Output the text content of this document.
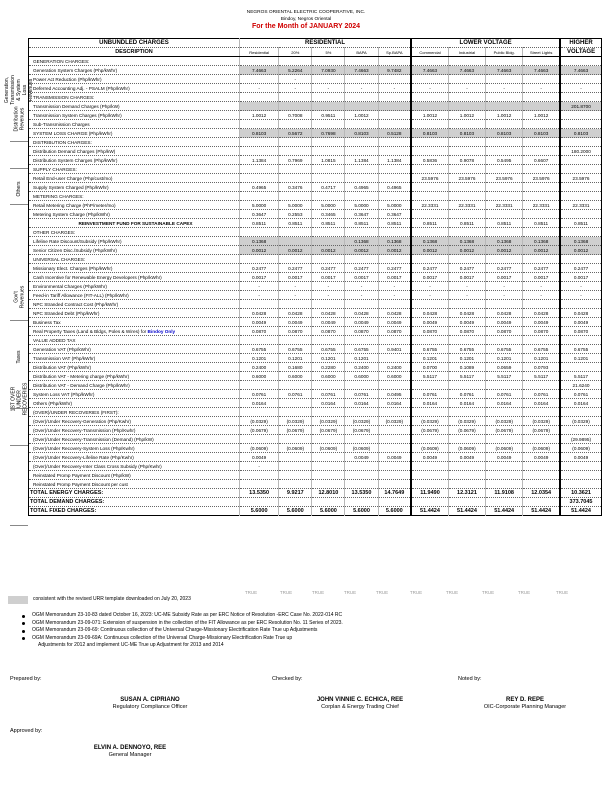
NEGROS ORIENTAL ELECTRIC COOPERATIVE, INC.
Bindoy, Negros Oriental
For the Month of JANUARY 2024
Generation, Transmission & System Loss Revenues
Distribution Revenues
Others
Gov't Revenues
Taxes
1ST OVER UNDER RECOVERIES
UNBUNDLED CHARGES	RESIDENTIAL					LOWER VOLTAGE				HIGHER
DESCRIPTION	Residential	20%	5%	BAPA	Sp.BAPA	Commercial	Industrial	Public Bldg.	Street Lights	VOLTAGE
GENERATION CHARGES:										
Generation System Charges (Php/kWhr)	7.4663	5.2264	7.0930	7.4663	9.7482	7.4663	7.4663	7.4663	7.4663	7.4663
Power Act Reduction (Php/kWhr)		-								
Deferred Accounting Adj. - PSALM (Php/kWhr)	-	-	-	-	-	-	-	-	-	-
TRANSMISSION CHARGES:										
Transmission Demand Charges (Php/kW)										201.8700
Transmission System Charges (Php/kWhr)	1.0012	0.7008	0.9511	1.0012		1.0012	1.0012	1.0012	1.0012	
Sub-Transmission Charges										
SYSTEM LOSS CHARGE (Php/kWhr)	0.8103	0.5672	0.7698	0.8103	0.5128	0.8103	0.8103	0.8103	0.8103	0.8103
DISTRIBUTION CHARGES:										
Distribution Demand Charges (Php/kW)										180.2000
Distribution System Charges (Php/kWhr)	1.1384	0.7969	1.0815	1.1384	1.1384	0.5836	0.9078	0.5495	0.6607	
SUPPLY CHARGES:										
Retail End-user Charge (Php/cust/mo)						23.5976	23.5976	23.5976	23.5976	23.5976
Supply System Charged (Php/kWhr)	0.4965	0.3476	0.4717	0.4965	0.4965					
METERING CHARGES:										
Retail Metering Charge (PhP/meter/mo)	5.0000	5.0000	5.0000	5.0000	5.0000	22.3331	22.3331	22.3331	22.3331	22.3331
Metering System Charge (Php/kWhr)	0.3647	0.2553	0.3465	0.3647	0.3647					
REINVESTMENT FUND FOR SUSTAINABLE CAPEX	0.8511	0.8511	0.8511	0.8511	0.8511	0.8511	0.8511	0.8511	0.8511	0.8511
OTHER CHARGES:										
Lifeline Rate Discount/Subsidy (Php/kWhr)	0.1368			0.1368	0.1368	0.1368	0.1368	0.1368	0.1368	0.1368
Senior Citizen Disc./Subsidy (Php/kWhr)	0.0012	0.0012	0.0012	0.0012	0.0012	0.0012	0.0012	0.0012	0.0012	0.0012
UNIVERSAL CHARGES:										
Missionary Elect. Charges (Php/kWhr)	0.2477	0.2477	0.2477	0.2477	0.2477	0.2477	0.2477	0.2477	0.2477	0.2477
Cash Incentive for Renewable Energy Developers (Php/kWhr)	0.0017	0.0017	0.0017	0.0017	0.0017	0.0017	0.0017	0.0017	0.0017	0.0017
Environmental Charges (Php/kWhr)	-	-	-	-	-	-	-	-	-	-
Feed-in Tariff Allowance (FIT-ALL) (Php/kWhr)	-	-	-	-	-	-	-	-	-	-
NPC Stranded Contract Cost (Php/kWhr)										
NPC Stranded Debt (Php/kWhr)	0.0428	0.0428	0.0428	0.0428	0.0428	0.0428	0.0428	0.0428	0.0428	0.0428
Business Tax	0.0049	0.0049	0.0049	0.0049	0.0049	0.0049	0.0049	0.0049	0.0049	0.0049
Real Property Taxes (Land & Bldgs, Poles & Wires) for Bindoy Only	0.0870	0.0870	0.0870	0.0870	0.0870	0.0870	0.0870	0.0870	0.0870	0.0870
VALUE ADDED TAX										
Generation VAT (Php/kWhr)	0.6755	0.6755	0.6755	0.6755	0.9401	0.6755	0.6755	0.6755	0.6755	0.6755
Transmission VAT (Php/kWhr)	0.1201	0.1201	0.1201	0.1201		0.1201	0.1201	0.1201	0.1201	0.1201
Distribution VAT (Php/kWhr)	0.2400	0.1680	0.2280	0.2400	0.2400	0.0700	0.1089	0.0659	0.0793	
Distribution VAT - Metering charge (Php/kWhr)	0.6000	0.6000	0.6000	0.6000	0.6000	5.5117	5.5117	5.5117	5.5117	5.5117
Distribution VAT - Demand Charge (Php/kWhr)										21.6240
System Loss VAT (Php/kWhr)	0.0761	0.0761	0.0761	0.0761	0.0495	0.0761	0.0761	0.0761	0.0761	0.0761
Others (Php/kWhr)	0.0164		0.0164	0.0164	0.0164	0.0164	0.0164	0.0164	0.0164	0.0164
(OVER)/UNDER RECOVERIES (FIRST):										
(Over)/Under Recovery-Generation (Php/Kwhr)	(0.0329)	(0.0329)	(0.0329)	(0.0329)	(0.0329)	(0.0329)	(0.0329)	(0.0329)	(0.0329)	(0.0329)
(Over)/Under Recovery-Transmission (Php/Kwhr)	(0.0679)	(0.0679)	(0.0679)	(0.0679)		(0.0679)	(0.0679)	(0.0679)	(0.0679)	
(Over)/Under Recovery-Transmission (Demand) (Php/kW)										(29.9895)
(Over)/Under Recovery-System Loss (Php/Kwhr)	(0.0609)	(0.0609)	(0.0609)	(0.0609)		(0.0609)	(0.0609)	(0.0609)	(0.0609)	(0.0609)
(Over)/Under Recovery-Lifeline Rate (Php/Kwhr)	0.0049			0.0049	0.0049	0.0049	0.0049	0.0049	0.0049	0.0049
(Over)/Under Recovery-Inter Class Cross Subsidy (Php/Kwhr)	-									
Reinstated Promp Payment Discount (Php/kW)										
Reinstated Promp Payment Discount per cust										
TOTAL ENERGY CHARGES:	13.5350	9.9217	12.8010	13.5350	14.7649	11.9490	12.3121	11.9108	12.0354	10.3621
TOTAL DEMAND CHARGES:										373.7045
TOTAL FIXED CHARGES:	5.6000	5.6000	5.6000	5.6000	5.6000	51.4424	51.4424	51.4424	51.4424	51.4424
TRUE	TRUE	TRUE	TRUE	TRUE	TRUE	TRUE	TRUE	TRUE	TRUE
consistent with the revised URR template downloaded on July 20, 2023
OGM Memorandum 23-10-83 dated October 16, 2023: UC-ME Subsidy Rate as per ERC Notice of Resolution -ERC Case No. 2022-014 RC
OGM Memorandum 23-09-071: Extension of suspension in the collection of the FIT Allowance as per ERC Resolution No. 11 Series of 2023.
OGM Memorandum 23-09-69: Continuous collection of the Universal Charge-Missionary Electrification Rate True up Adjustments
OGM Memorandum 23-09-69A: Continuous collection of the Universal Charge-Missionary Electrification Rate True up
Adjustments for 2012 and implement UC-ME True up Adjustment for 2013 and 2014
Prepared by:	Checked by:	Noted by:
SUSAN A. CIPRIANO
Regulatory Compliance Officer
JOHN VINNIE C. ECHICA, REE
Corplan & Energy Trading Chief
REY D. REPE
OIC-Corporate Planning Manager
Approved by:
ELVIN A. DENNOYO, REE
General Manager
